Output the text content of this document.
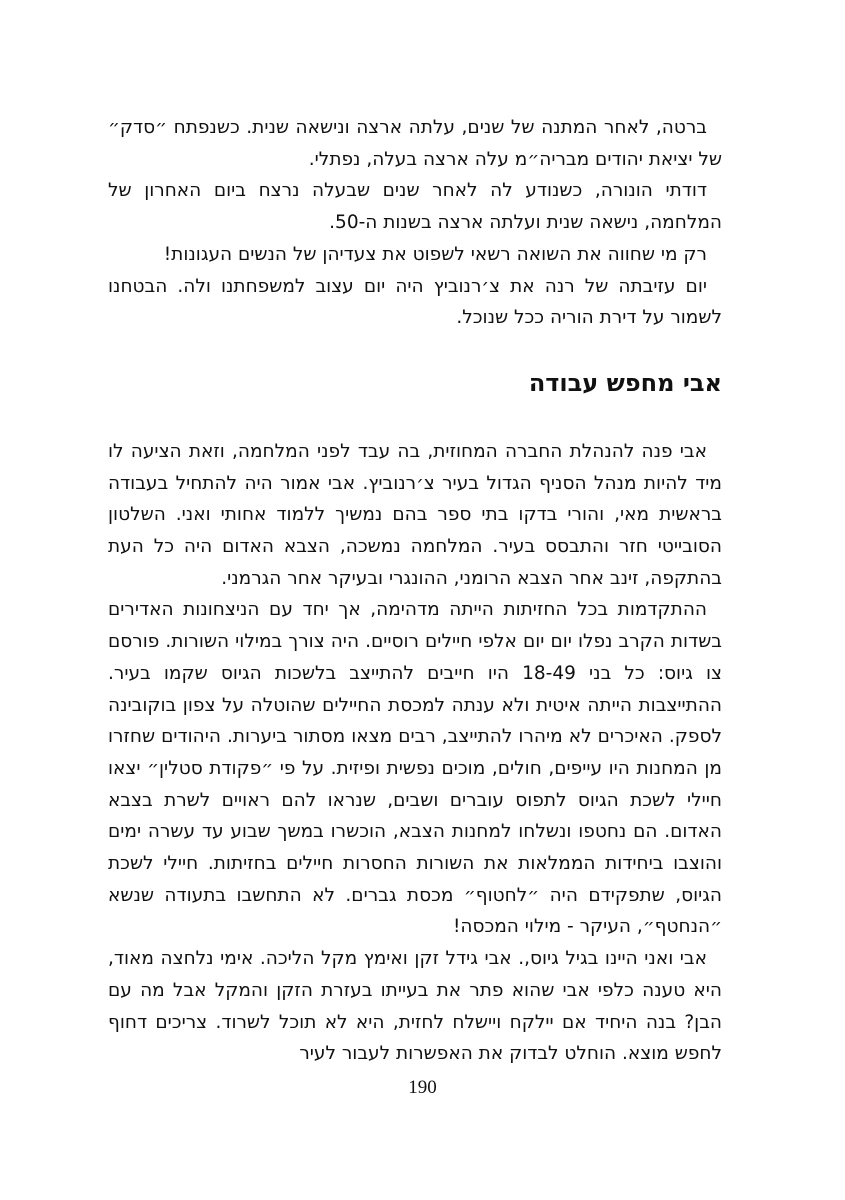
ברטה, לאחר המתנה של שנים, עלתה ארצה ונישאה שנית. כשנפתח ״סדק״ של יציאת יהודים מבריה״מ עלה ארצה בעלה, נפתלי.

דודתי הונורה, כשנודע לה לאחר שנים שבעלה נרצח ביום האחרון של המלחמה, נישאה שנית ועלתה ארצה בשנות ה-50.

רק מי שחווה את השואה רשאי לשפוט את צעדיהן של הנשים העגונות!

יום עזיבתה של רנה את צ׳רנוביץ היה יום עצוב למשפחתנו ולה. הבטחנו לשמור על דירת הוריה ככל שנוכל.

אבי מחפש עבודה

אבי פנה להנהלת החברה המחוזית, בה עבד לפני המלחמה, וזאת הציעה לו מיד להיות מנהל הסניף הגדול בעיר צ׳רנוביץ. אבי אמור היה להתחיל בעבודה בראשית מאי, והורי בדקו בתי ספר בהם נמשיך ללמוד אחותי ואני. השלטון הסובייטי חזר והתבסס בעיר. המלחמה נמשכה, הצבא האדום היה כל העת בהתקפה, זינב אחר הצבא הרומני, ההונגרי ובעיקר אחר הגרמני.

ההתקדמות בכל החזיתות הייתה מדהימה, אך יחד עם הניצחונות האדירים בשדות הקרב נפלו יום יום אלפי חיילים רוסיים. היה צורך במילוי השורות. פורסם צו גיוס: כל בני 18-49 היו חייבים להתייצב בלשכות הגיוס שקמו בעיר. ההתייצבות הייתה איטית ולא ענתה למכסת החיילים שהוטלה על צפון בוקובינה לספק. האיכרים לא מיהרו להתייצב, רבים מצאו מסתור ביערות. היהודים שחזרו מן המחנות היו עייפים, חולים, מוכים נפשית ופיזית. על פי ״פקודת סטלין״ יצאו חיילי לשכת הגיוס לתפוס עוברים ושבים, שנראו להם ראויים לשרת בצבא האדום. הם נחטפו ונשלחו למחנות הצבא, הוכשרו במשך שבוע עד עשרה ימים והוצבו ביחידות הממלאות את השורות החסרות חיילים בחזיתות. חיילי לשכת הגיוס, שתפקידם היה ״לחטוף״ מכסת גברים. לא התחשבו בתעודה שנשא ״הנחטף״, העיקר - מילוי המכסה!

אבי ואני היינו בגיל גיוס,. אבי גידל זקן ואימץ מקל הליכה. אימי נלחצה מאוד, היא טענה כלפי אבי שהוא פתר את בעייתו בעזרת הזקן והמקל אבל מה עם הבן? בנה היחיד אם יילקח ויישלח לחזית, היא לא תוכל לשרוד. צריכים דחוף לחפש מוצא. הוחלט לבדוק את האפשרות לעבור לעיר

190
